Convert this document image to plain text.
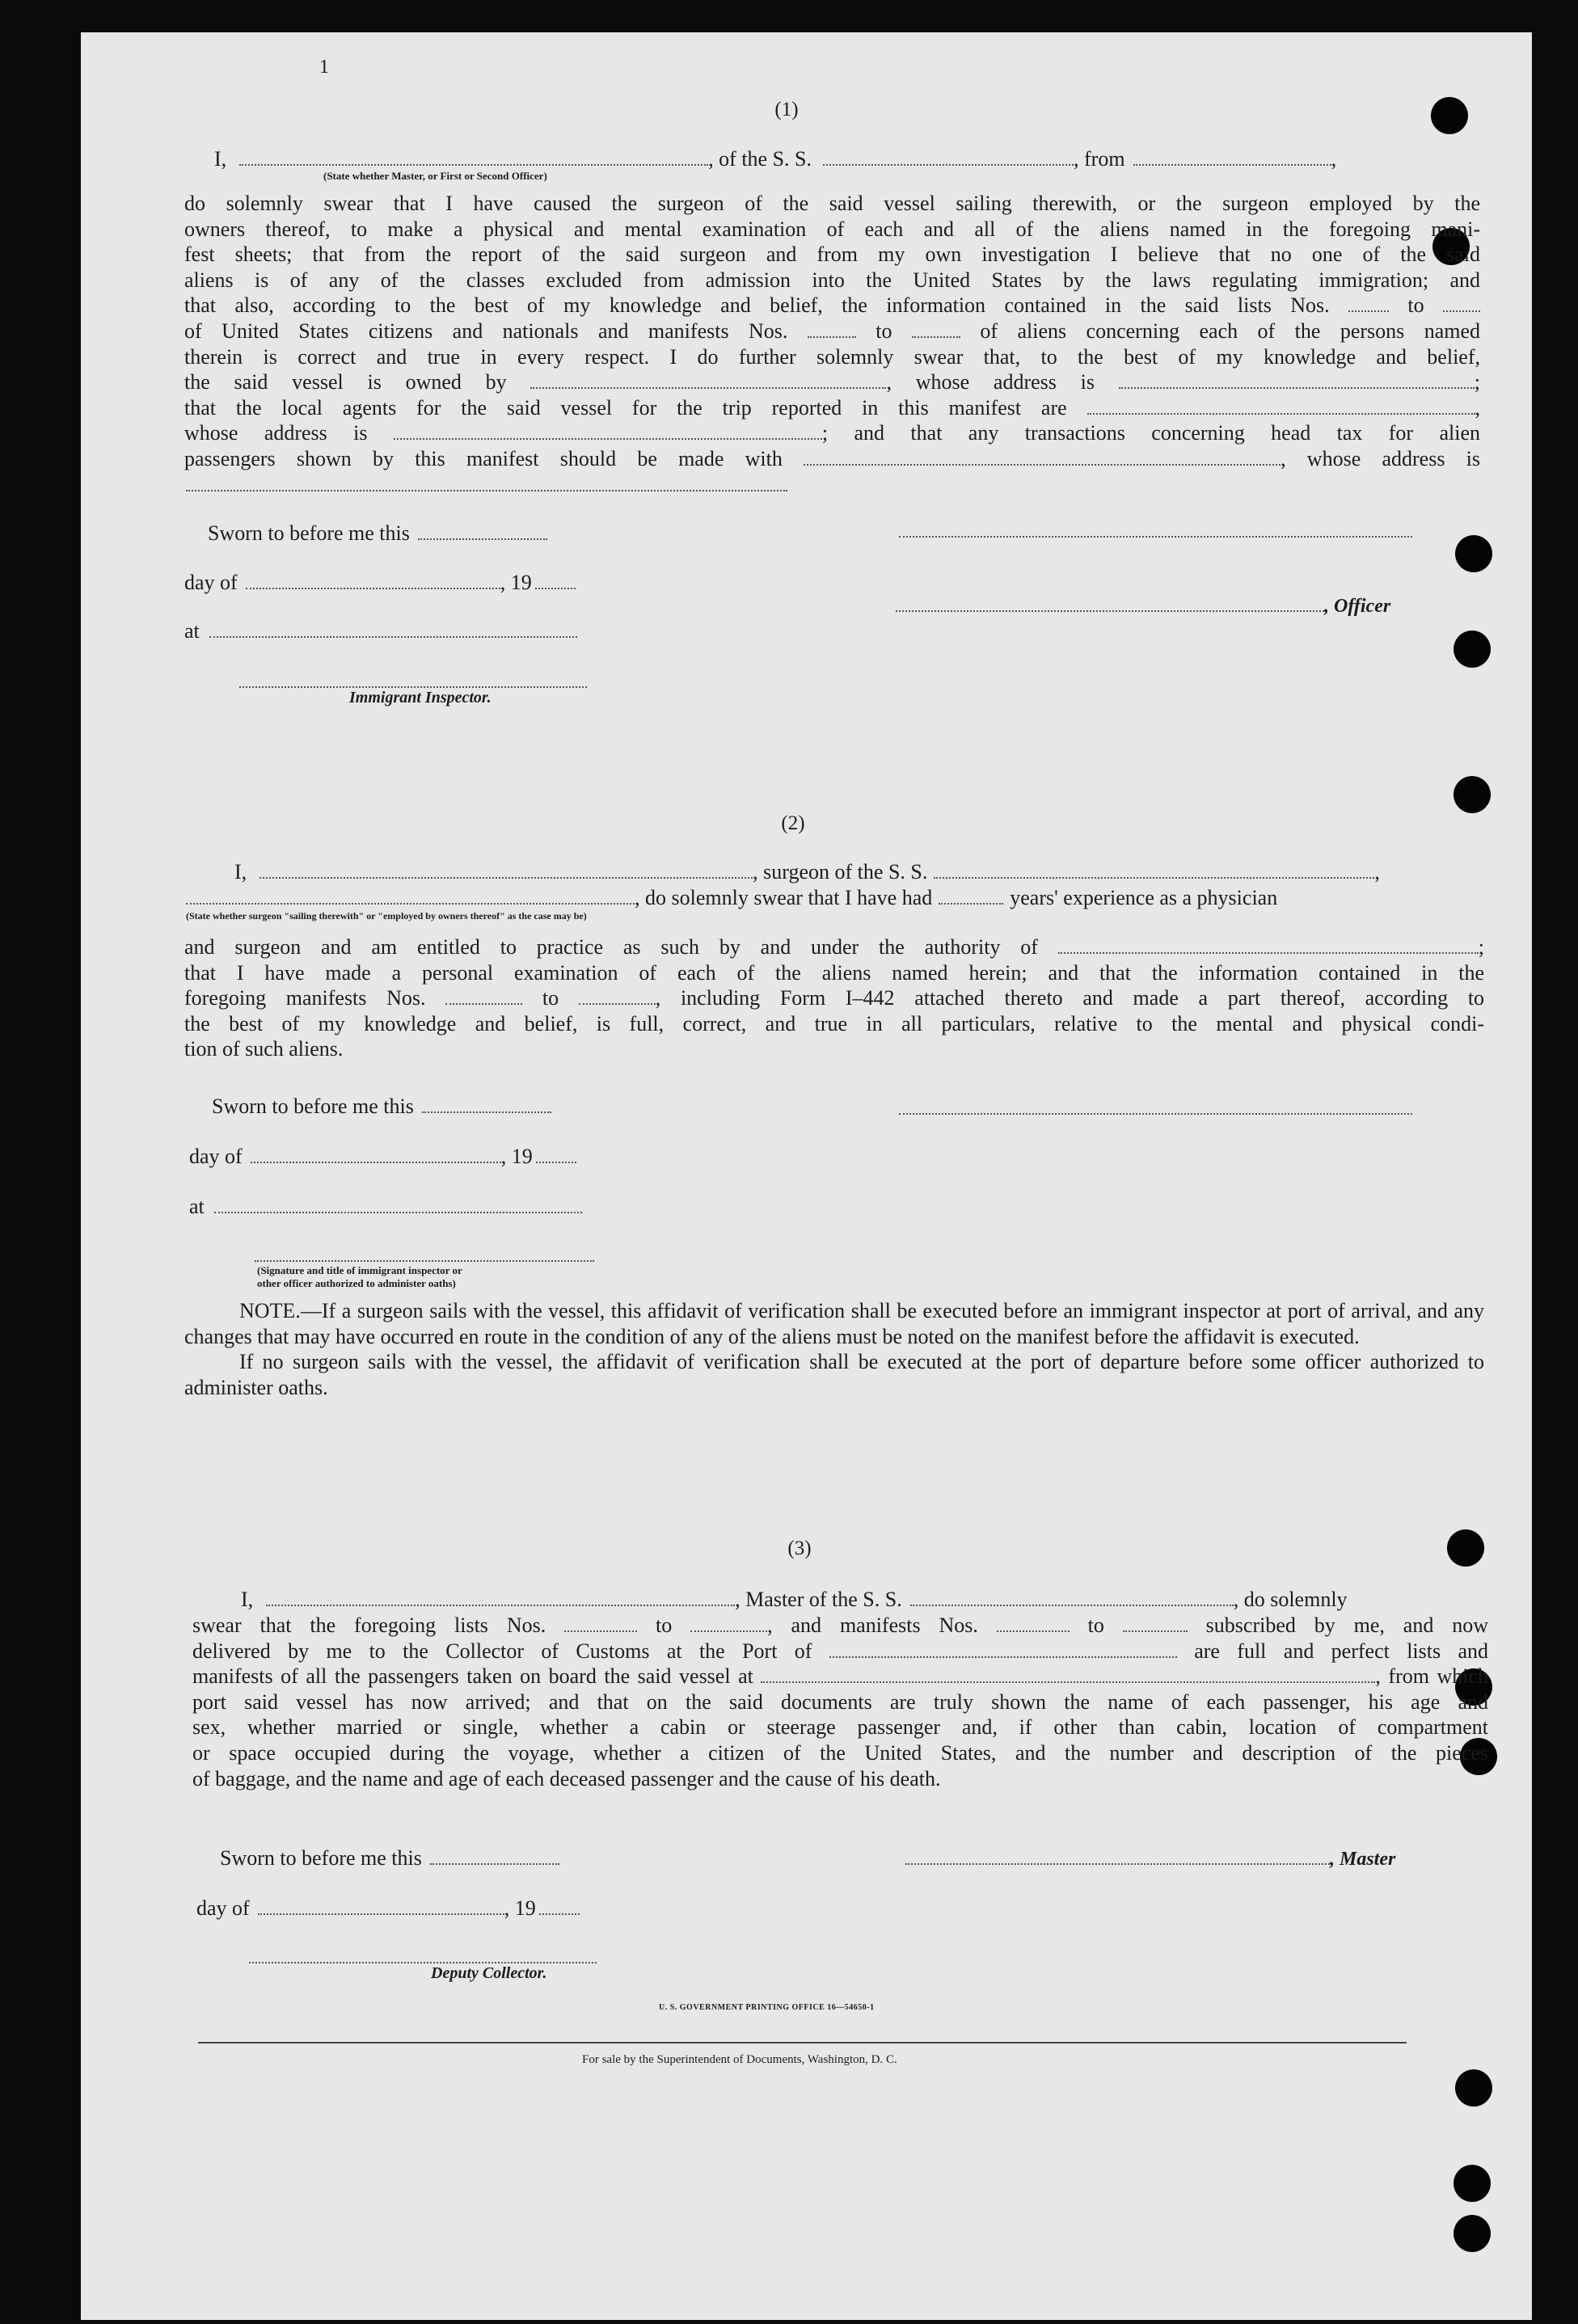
1
(1)
I,	, of the S. S.	, from	,
(State whether Master, or First or Second Officer)
do solemnly swear that I have caused the surgeon of the said vessel sailing therewith, or the surgeon employed by the
owners thereof, to make a physical and mental examination of each and all of the aliens named in the foregoing mani-
fest sheets; that from the report of the said surgeon and from my own investigation I believe that no one of the said
aliens is of any of the classes excluded from admission into the United States by the laws regulating immigration; and
that also, according to the best of my knowledge and belief, the information contained in the said lists Nos.	to
of United States citizens and nationals and manifests Nos.	to	of aliens concerning each of the persons named
therein is correct and true in every respect. I do further solemnly swear that, to the best of my knowledge and belief,
the said vessel is owned by	, whose address is	;
that the local agents for the said vessel for the trip reported in this manifest are	,
whose address is	; and that any transactions concerning head tax for alien
passengers shown by this manifest should be made with	, whose address is
Sworn to before me this
day of	, 19
at
Immigrant Inspector.
, Officer
(2)
I,	, surgeon of the S. S.	,
, do solemnly swear that I have had	years' experience as a physician
(State whether surgeon "sailing therewith" or "employed by owners thereof" as the case may be)
and surgeon and am entitled to practice as such by and under the authority of	;
that I have made a personal examination of each of the aliens named herein; and that the information contained in the
foregoing manifests Nos.	to	, including Form I–442 attached thereto and made a part thereof, according to
the best of my knowledge and belief, is full, correct, and true in all particulars, relative to the mental and physical condi-
tion of such aliens.
Sworn to before me this
day of	, 19
at
(Signature and title of immigrant inspector or
other officer authorized to administer oaths)
NOTE.—If a surgeon sails with the vessel, this affidavit of verification shall be executed before an immigrant inspector at port of arrival, and any changes that may have occurred en route in the condition of any of the aliens must be noted on the manifest before the affidavit is executed.
If no surgeon sails with the vessel, the affidavit of verification shall be executed at the port of departure before some officer authorized to administer oaths.
(3)
I,	, Master of the S. S.	, do solemnly
swear that the foregoing lists Nos.	to	, and manifests Nos.	to	subscribed by me, and now
delivered by me to the Collector of Customs at the Port of	are full and perfect lists and
manifests of all the passengers taken on board the said vessel at	, from which
port said vessel has now arrived; and that on the said documents are truly shown the name of each passenger, his age and
sex, whether married or single, whether a cabin or steerage passenger and, if other than cabin, location of compartment
or space occupied during the voyage, whether a citizen of the United States, and the number and description of the pieces
of baggage, and the name and age of each deceased passenger and the cause of his death.
Sworn to before me this
day of	, 19
, Master
Deputy Collector.
U. S. GOVERNMENT PRINTING OFFICE 16—54650-1
For sale by the Superintendent of Documents, Washington, D. C.
